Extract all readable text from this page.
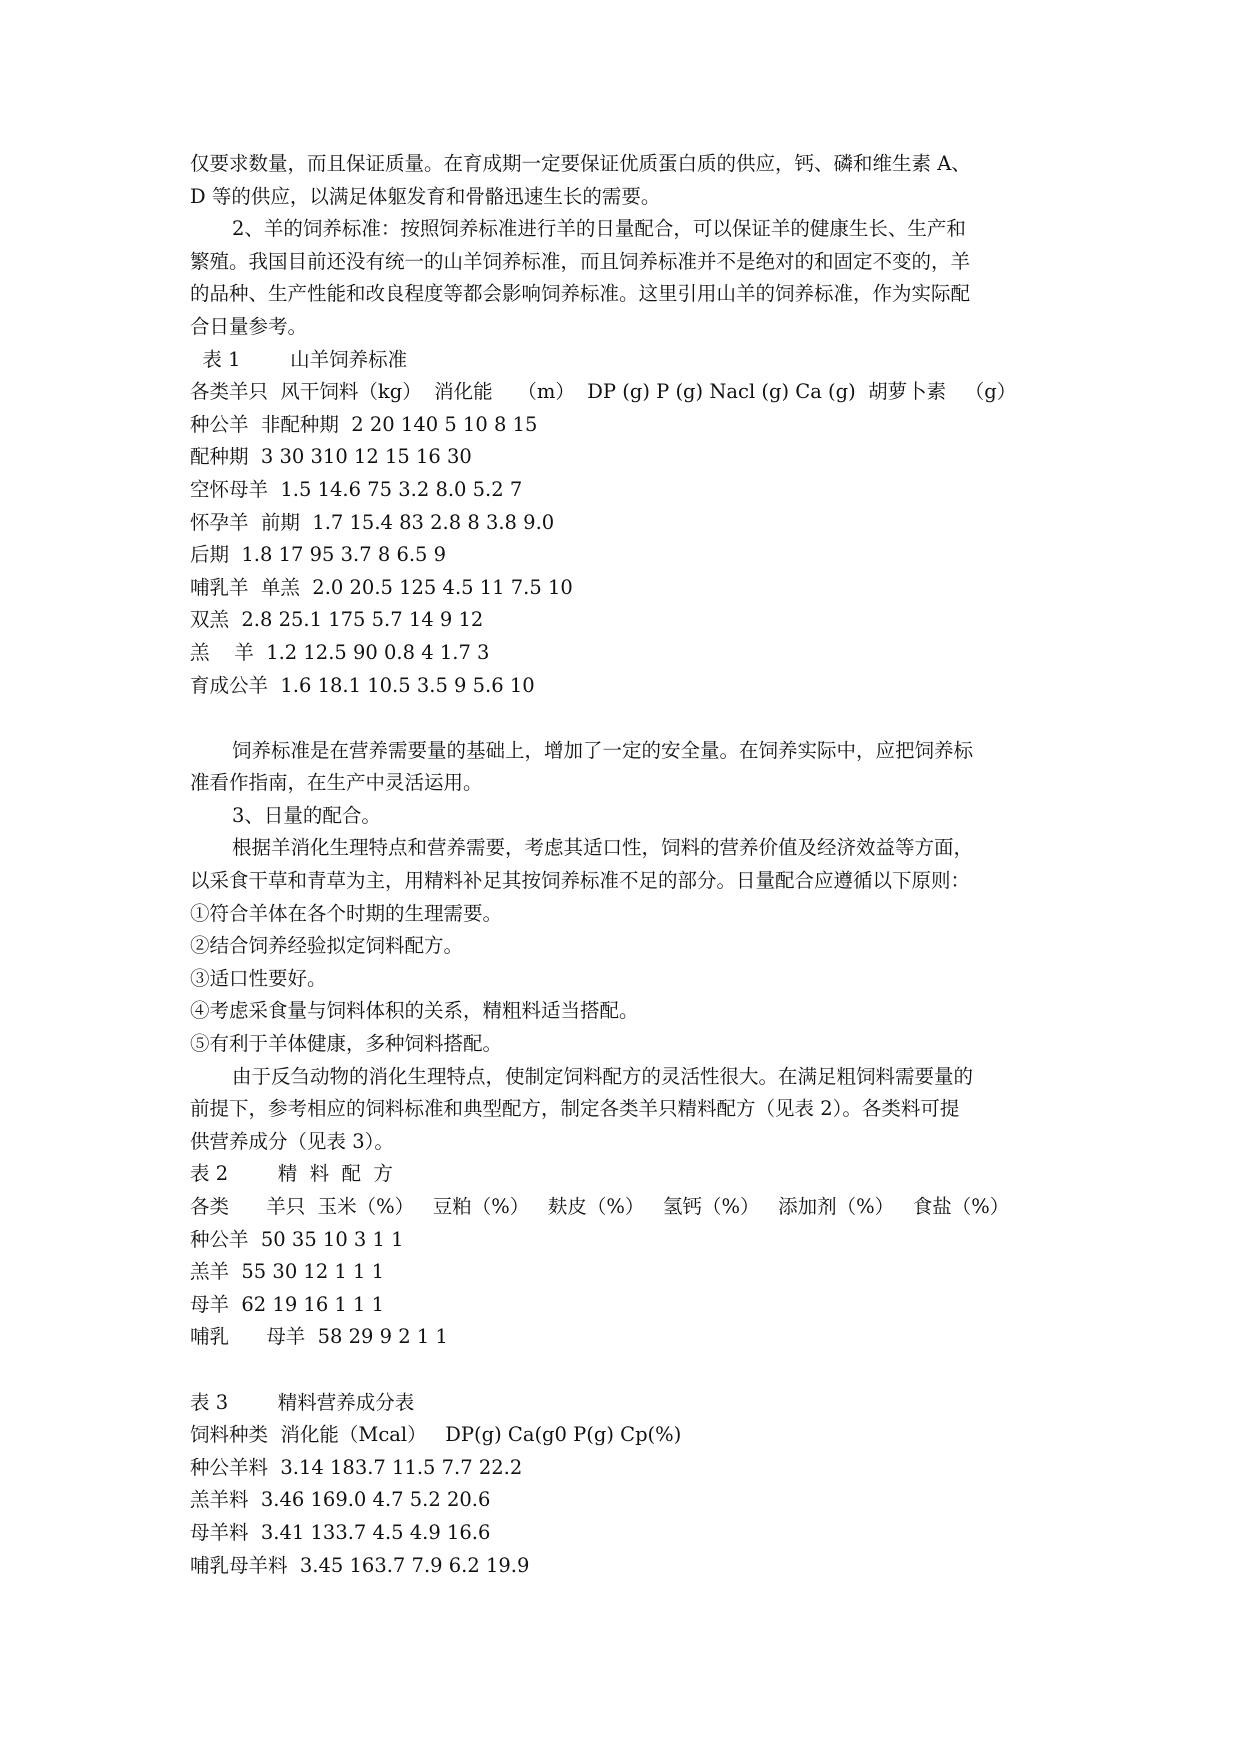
仅要求数量，而且保证质量。在育成期一定要保证优质蛋白质的供应，钙、磷和维生素 A、
D 等的供应，以满足体躯发育和骨骼迅速生长的需要。
2、羊的饲养标准：按照饲养标准进行羊的日量配合，可以保证羊的健康生长、生产和
繁殖。我国目前还没有统一的山羊饲养标准，而且饲养标准并不是绝对的和固定不变的，羊
的品种、生产性能和改良程度等都会影响饲养标准。这里引用山羊的饲养标准，作为实际配
合日量参考。
表 1        山羊饲养标准
各类羊只  风干饲料（kg）  消化能    （m）  DP (g) P (g) Nacl (g) Ca (g)  胡萝卜素   （g）
种公羊  非配种期  2 20 140 5 10 8 15
配种期  3 30 310 12 15 16 30
空怀母羊  1.5 14.6 75 3.2 8.0 5.2 7
怀孕羊  前期  1.7 15.4 83 2.8 8 3.8 9.0
后期  1.8 17 95 3.7 8 6.5 9
哺乳羊  单羔  2.0 20.5 125 4.5 11 7.5 10
双羔  2.8 25.1 175 5.7 14 9 12
羔    羊  1.2 12.5 90 0.8 4 1.7 3
育成公羊  1.6 18.1 10.5 3.5 9 5.6 10
饲养标准是在营养需要量的基础上，增加了一定的安全量。在饲养实际中，应把饲养标
准看作指南，在生产中灵活运用。
3、日量的配合。
根据羊消化生理特点和营养需要，考虑其适口性，饲料的营养价值及经济效益等方面，
以采食干草和青草为主，用精料补足其按饲养标准不足的部分。日量配合应遵循以下原则：
①符合羊体在各个时期的生理需要。
②结合饲养经验拟定饲料配方。
③适口性要好。
④考虑采食量与饲料体积的关系，精粗料适当搭配。
⑤有利于羊体健康，多种饲料搭配。
由于反刍动物的消化生理特点，使制定饲料配方的灵活性很大。在满足粗饲料需要量的
前提下，参考相应的饲料标准和典型配方，制定各类羊只精料配方（见表 2）。各类料可提
供营养成分（见表 3）。
表 2        精  料  配  方
各类      羊只  玉米（%）   豆粕（%）   麸皮（%）   氢钙（%）   添加剂（%）   食盐（%）
种公羊  50 35 10 3 1 1
羔羊  55 30 12 1 1 1
母羊  62 19 16 1 1 1
哺乳      母羊  58 29 9 2 1 1
表 3        精料营养成分表
饲料种类  消化能（Mcal）   DP(g) Ca(g0 P(g) Cp(%)
种公羊料  3.14 183.7 11.5 7.7 22.2
羔羊料  3.46 169.0 4.7 5.2 20.6
母羊料  3.41 133.7 4.5 4.9 16.6
哺乳母羊料  3.45 163.7 7.9 6.2 19.9
